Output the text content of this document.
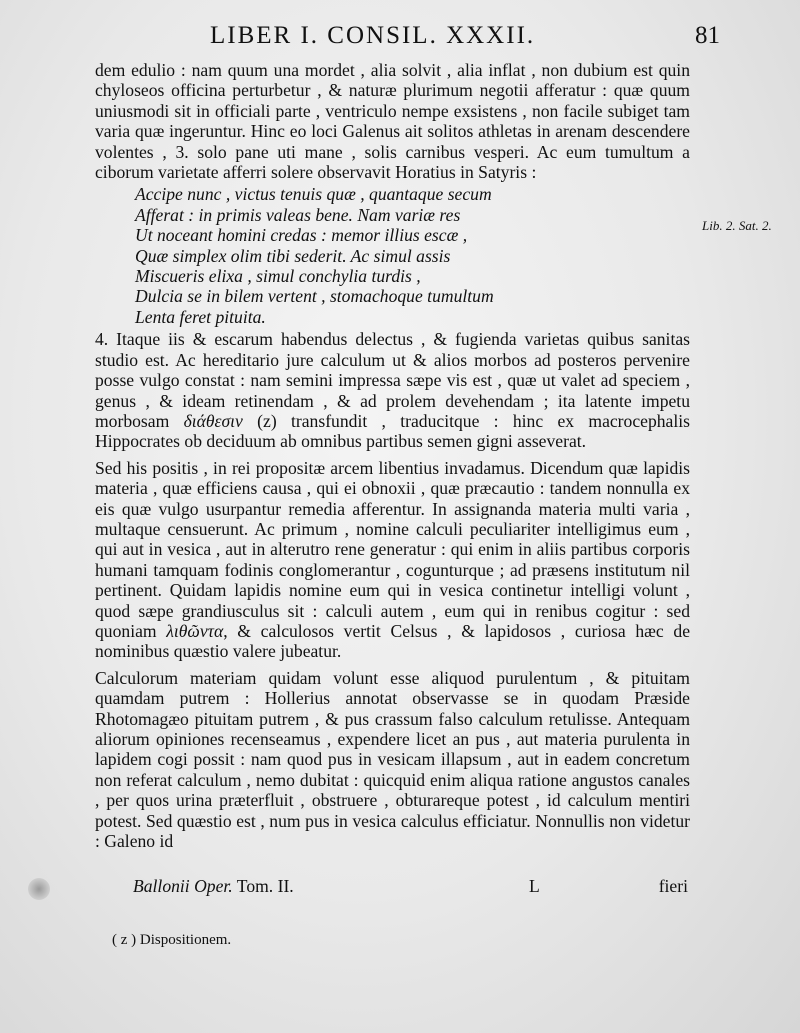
LIBER I. CONSIL. XXXII.	81

dem edulio : nam quum una mordet , alia solvit , alia inflat , non dubium est quin chyloseos officina perturbetur , & naturæ plurimum negotii afferatur : quæ quum uniusmodi sit in officiali parte , ventriculo nempe exsistens , non facile subiget tam varia quæ ingeruntur. Hinc eo loci Galenus ait solitos athletas in arenam descendere volentes , 3. solo pane uti mane , solis carnibus vesperi. Ac eum tumultum a ciborum varietate afferri solere observavit Horatius in Satyris :

Accipe nunc , victus tenuis quæ , quantaque secum
Afferat : in primis valeas bene. Nam variæ res
Ut noceant homini credas : memor illius escæ ,
Quæ simplex olim tibi sederit. Ac simul assis
Miscueris elixa , simul conchylia turdis ,
Dulcia se in bilem vertent , stomachoque tumultum
Lenta feret pituita.

4. Itaque iis & escarum habendus delectus , & fugienda varietas quibus sanitas studio est. Ac hereditario jure calculum ut & alios morbos ad posteros pervenire posse vulgo constat : nam semini impressa sæpe vis est , quæ ut valet ad speciem , genus , & ideam retinendam , & ad prolem devehendam ; ita latente impetu morbosam διάθεσιν (z) transfundit , traducitque : hinc ex macrocephalis Hippocrates ob deciduum ab omnibus partibus semen gigni asseverat.

Sed his positis , in rei propositæ arcem libentius invadamus. Dicendum quæ lapidis materia , quæ efficiens causa , qui ei obnoxii , quæ præcautio : tandem nonnulla ex eis quæ vulgo usurpantur remedia afferentur. In assignanda materia multi varia , multaque censuerunt. Ac primum , nomine calculi peculiariter intelligimus eum , qui aut in vesica , aut in alterutro rene generatur : qui enim in aliis partibus corporis humani tamquam fodinis conglomerantur , cogunturque ; ad præsens institutum nil pertinent. Quidam lapidis nomine eum qui in vesica continetur intelligi volunt , quod sæpe grandiusculus sit : calculi autem , eum qui in renibus cogitur : sed quoniam λιθῶντα, & calculosos vertit Celsus , & lapidosos , curiosa hæc de nominibus quæstio valere jubeatur.

Calculorum materiam quidam volunt esse aliquod purulentum , & pituitam quamdam putrem : Hollerius annotat observasse se in quodam Præside Rhotomagæo pituitam putrem , & pus crassum falso calculum retulisse. Antequam aliorum opiniones recenseamus , expendere licet an pus , aut materia purulenta in lapidem cogi possit : nam quod pus in vesicam illapsum , aut in eadem concretum non referat calculum , nemo dubitat : quicquid enim aliqua ratione angustos canales , per quos urina præterfluit , obstruere , obturareque potest , id calculum mentiri potest. Sed quæstio est , num pus in vesica calculus efficiatur. Nonnullis non videtur : Galeno id

Lib. 2. Sat. 2.
Ballonii Oper. Tom. II.	L	fieri
( z ) Dispositionem.
